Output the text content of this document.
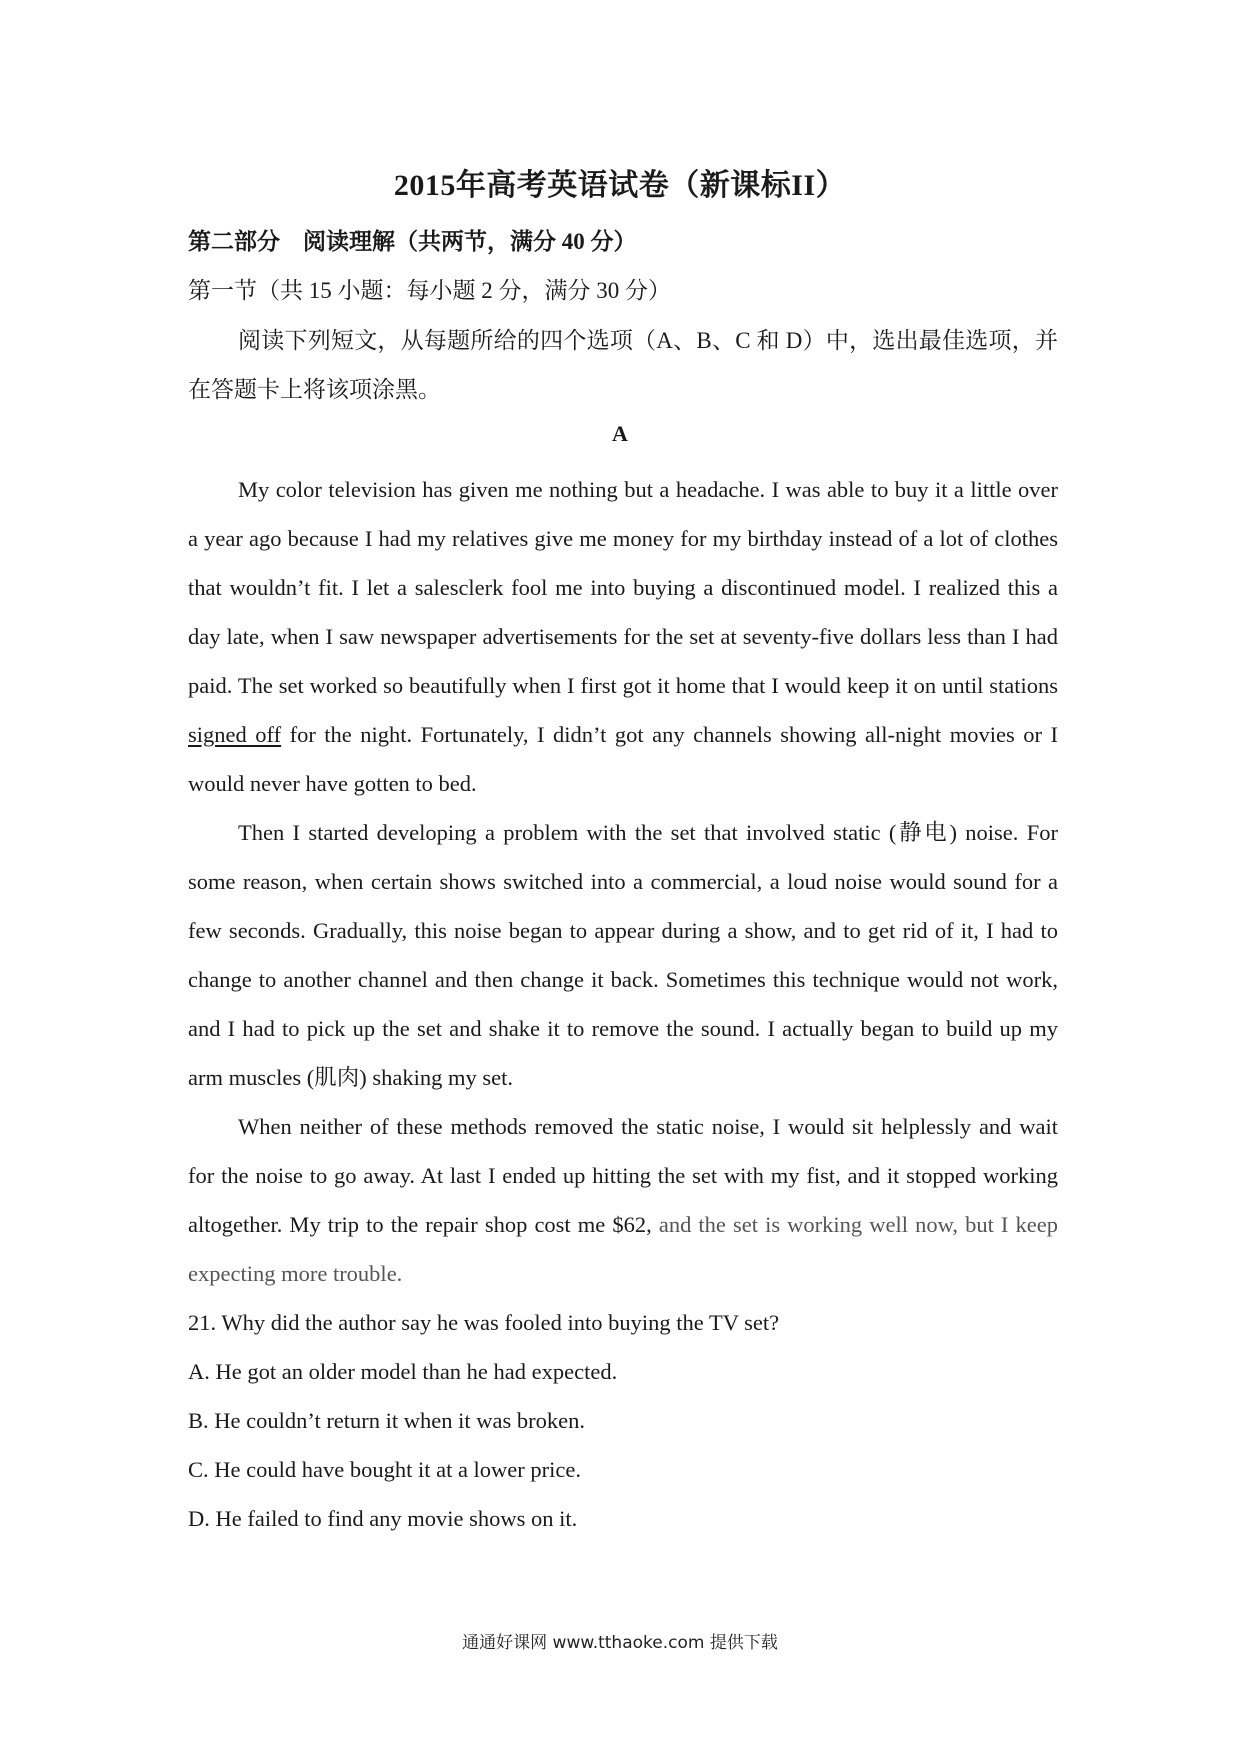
2015年高考英语试卷（新课标II）
第二部分　阅读理解（共两节，满分 40 分）
第一节（共 15 小题：每小题 2 分，满分 30 分）

阅读下列短文，从每题所给的四个选项（A、B、C 和 D）中，选出最佳选项，并在答题卡上将该项涂黑。

A

My color television has given me nothing but a headache. I was able to buy it a little over a year ago because I had my relatives give me money for my birthday instead of a lot of clothes that wouldn’t fit. I let a salesclerk fool me into buying a discontinued model. I realized this a day late, when I saw newspaper advertisements for the set at seventy-five dollars less than I had paid. The set worked so beautifully when I first got it home that I would keep it on until stations signed off for the night. Fortunately, I didn’t got any channels showing all-night movies or I would never have gotten to bed.

Then I started developing a problem with the set that involved static (静电) noise. For some reason, when certain shows switched into a commercial, a loud noise would sound for a few seconds. Gradually, this noise began to appear during a show, and to get rid of it, I had to change to another channel and then change it back. Sometimes this technique would not work, and I had to pick up the set and shake it to remove the sound. I actually began to build up my arm muscles (肌肉) shaking my set.

When neither of these methods removed the static noise, I would sit helplessly and wait for the noise to go away. At last I ended up hitting the set with my fist, and it stopped working altogether. My trip to the repair shop cost me $62, and the set is working well now, but I keep expecting more trouble.

21. Why did the author say he was fooled into buying the TV set?
A. He got an older model than he had expected.
B. He couldn’t return it when it was broken.
C. He could have bought it at a lower price.
D. He failed to find any movie shows on it.
通通好课网 www.tthaoke.com 提供下载
